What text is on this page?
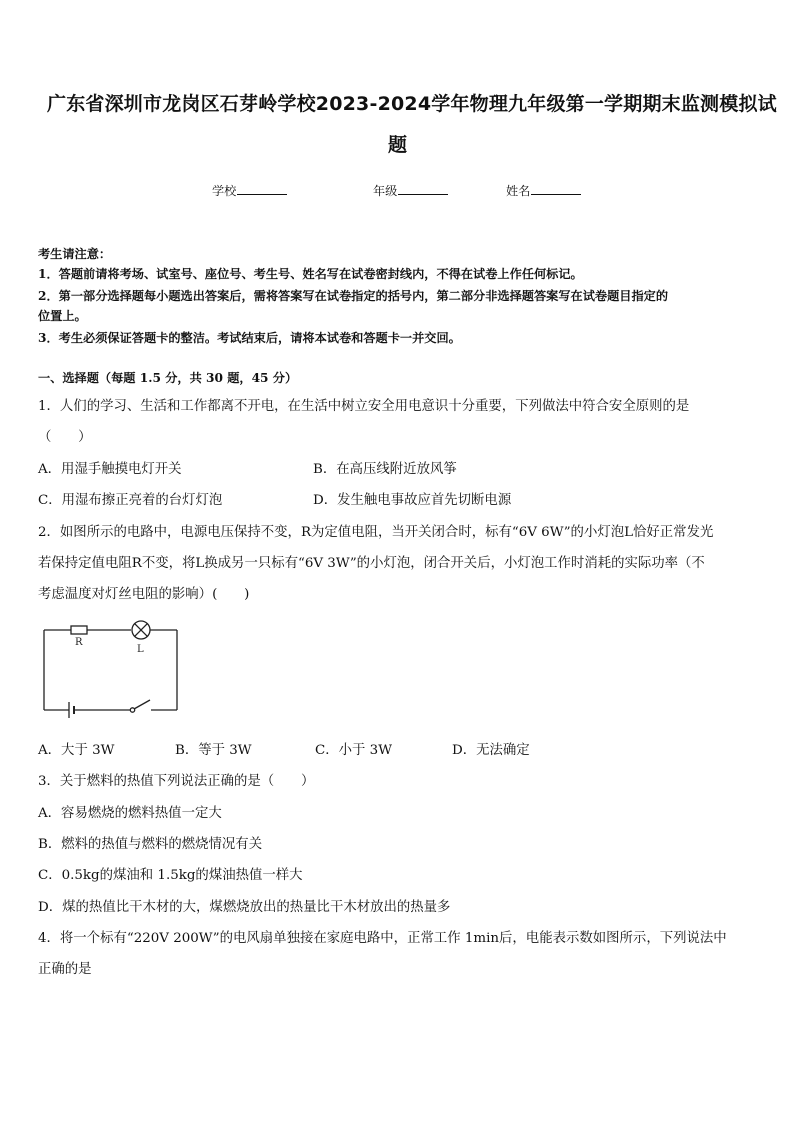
广东省深圳市龙岗区石芽岭学校2023-2024学年物理九年级第一学期期末监测模拟试
题
学校	年级	姓名
考生请注意：
1．答题前请将考场、试室号、座位号、考生号、姓名写在试卷密封线内，不得在试卷上作任何标记。
2．第一部分选择题每小题选出答案后，需将答案写在试卷指定的括号内，第二部分非选择题答案写在试卷题目指定的
位置上。
3．考生必须保证答题卡的整洁。考试结束后，请将本试卷和答题卡一并交回。
一、选择题（每题 1.5 分，共 30 题，45 分）
1．人们的学习、生活和工作都离不开电，在生活中树立安全用电意识十分重要，下列做法中符合安全原则的是
（　　）
A．用湿手触摸电灯开关	B．在高压线附近放风筝
C．用湿布擦正亮着的台灯灯泡	D．发生触电事故应首先切断电源
2．如图所示的电路中，电源电压保持不变，R为定值电阻，当开关闭合时，标有“6V 6W”的小灯泡L恰好正常发光
若保持定值电阻R不变，将L换成另一只标有“6V 3W”的小灯泡，闭合开关后，小灯泡工作时消耗的实际功率（不
考虑温度对灯丝电阻的影响）(　　)
R
L
A．大于 3W	B．等于 3W	C．小于 3W	D．无法确定
3．关于燃料的热值下列说法正确的是（　　）
A．容易燃烧的燃料热值一定大
B．燃料的热值与燃料的燃烧情况有关
C．0.5kg的煤油和 1.5kg的煤油热值一样大
D．煤的热值比干木材的大，煤燃烧放出的热量比干木材放出的热量多
4．将一个标有“220V 200W”的电风扇单独接在家庭电路中，正常工作 1min后，电能表示数如图所示，下列说法中
正确的是
